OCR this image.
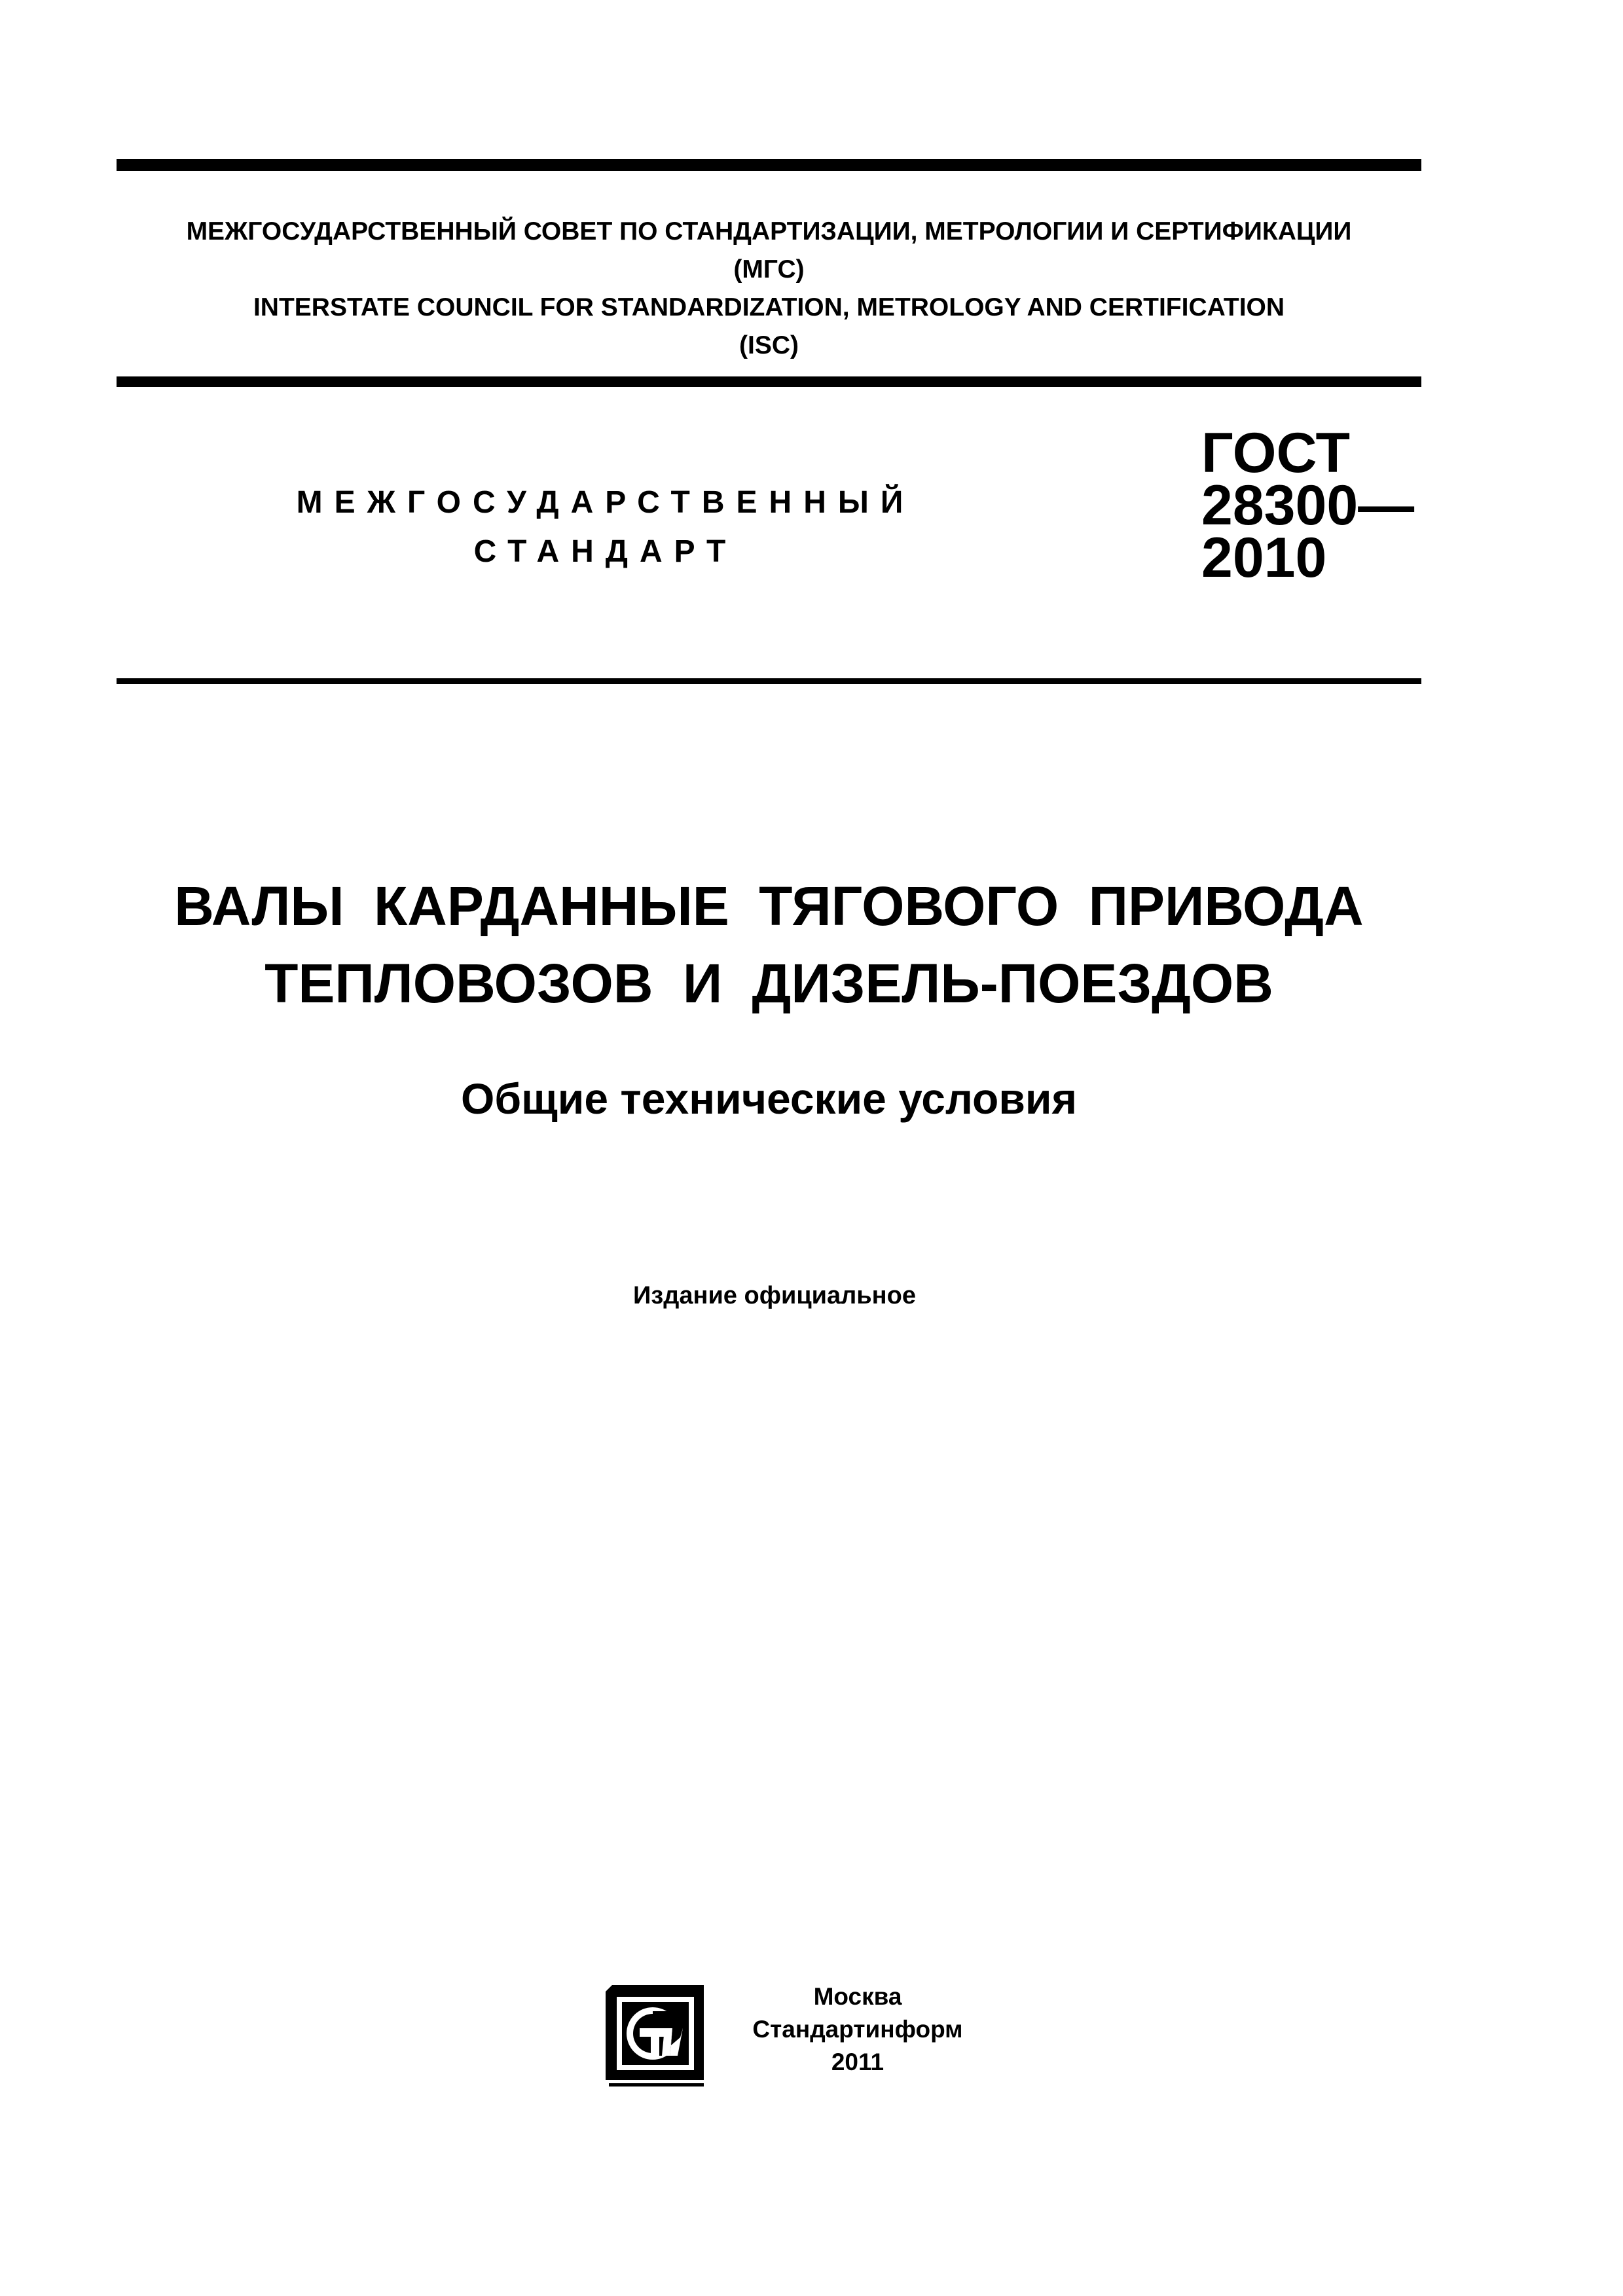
МЕЖГОСУДАРСТВЕННЫЙ СОВЕТ ПО СТАНДАРТИЗАЦИИ, МЕТРОЛОГИИ И СЕРТИФИКАЦИИ
(МГС)
INTERSTATE COUNCIL FOR STANDARDIZATION, METROLOGY AND CERTIFICATION
(ISC)
МЕЖГОСУДАРСТВЕННЫЙ
СТАНДАРТ
ГОСТ
28300—
2010
ВАЛЫ КАРДАННЫЕ ТЯГОВОГО ПРИВОДА
ТЕПЛОВОЗОВ И ДИЗЕЛЬ-ПОЕЗДОВ
Общие технические условия
Издание официальное
Москва
Стандартинформ
2011
